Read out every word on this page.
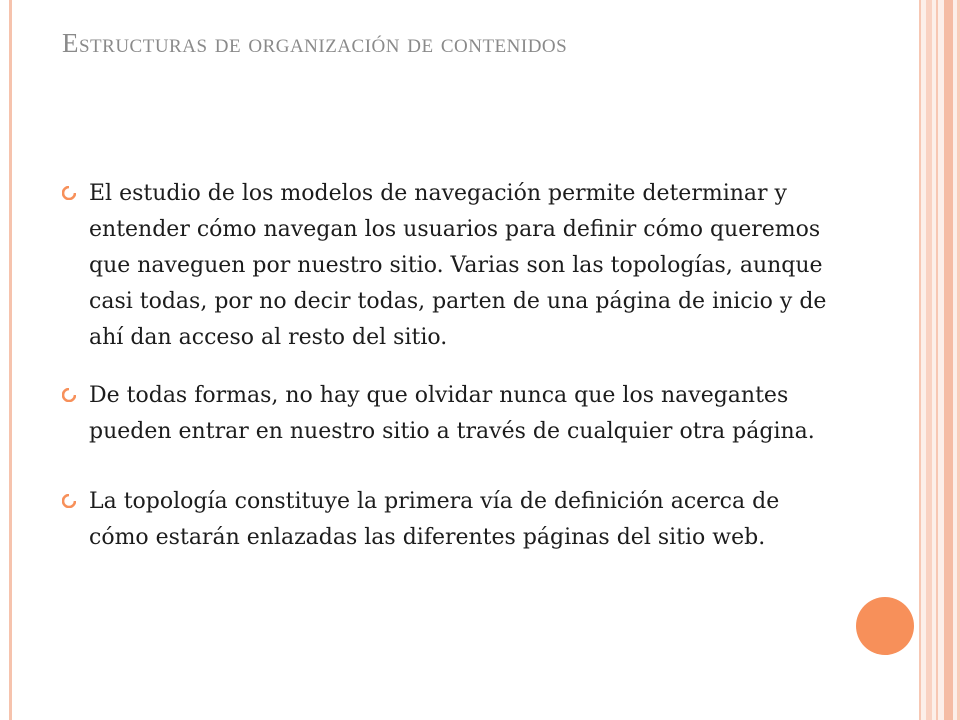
Estructuras de organización de contenidos
El estudio de los modelos de navegación permite determinar y entender cómo navegan los usuarios para definir cómo queremos que naveguen por nuestro sitio. Varias son las topologías, aunque casi todas, por no decir todas, parten de una página de inicio y de ahí dan acceso al resto del sitio.
De todas formas, no hay que olvidar nunca que los navegantes pueden entrar en nuestro sitio a través de cualquier otra página.
La topología constituye la primera vía de definición acerca de cómo estarán enlazadas las diferentes páginas del sitio web.
